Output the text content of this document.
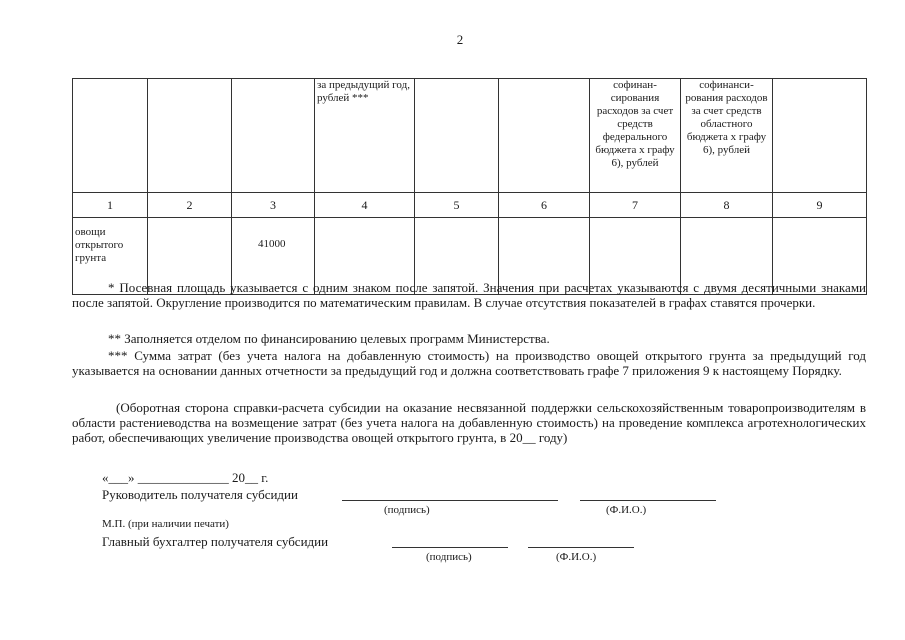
2
			за предыдущий год, рублей ***			софинан-сирования расходов за счет средств федерального бюджета х графу 6), рублей	софинанси-рования расходов за счет средств областного бюджета х графу 6), рублей	
1	2	3	4	5	6	7	8	9
овощи открытого грунта		41000						

* Посевная площадь указывается с одним знаком после запятой. Значения при расчетах указываются с двумя десятичными знаками после запятой. Округление производится по математическим правилам. В случае отсутствия показателей в графах ставятся прочерки.

** Заполняется отделом по финансированию целевых программ Министерства.

*** Сумма затрат (без учета налога на добавленную стоимость) на производство овощей открытого грунта за предыдущий год указывается на основании данных отчетности за предыдущий год и должна соответствовать графе 7 приложения 9 к настоящему Порядку.

(Оборотная сторона справки-расчета субсидии на оказание несвязанной поддержки сельскохозяйственным товаропроизводителям в области растениеводства на возмещение затрат (без учета налога на добавленную стоимость) на проведение комплекса агротехнологических работ, обеспечивающих увеличение производства овощей открытого грунта, в 20__ году)

«___» ______________ 20__ г.
Руководитель получателя субсидии
(подпись)	(Ф.И.О.)
М.П. (при наличии печати)
Главный бухгалтер получателя субсидии
(подпись)	(Ф.И.О.)
